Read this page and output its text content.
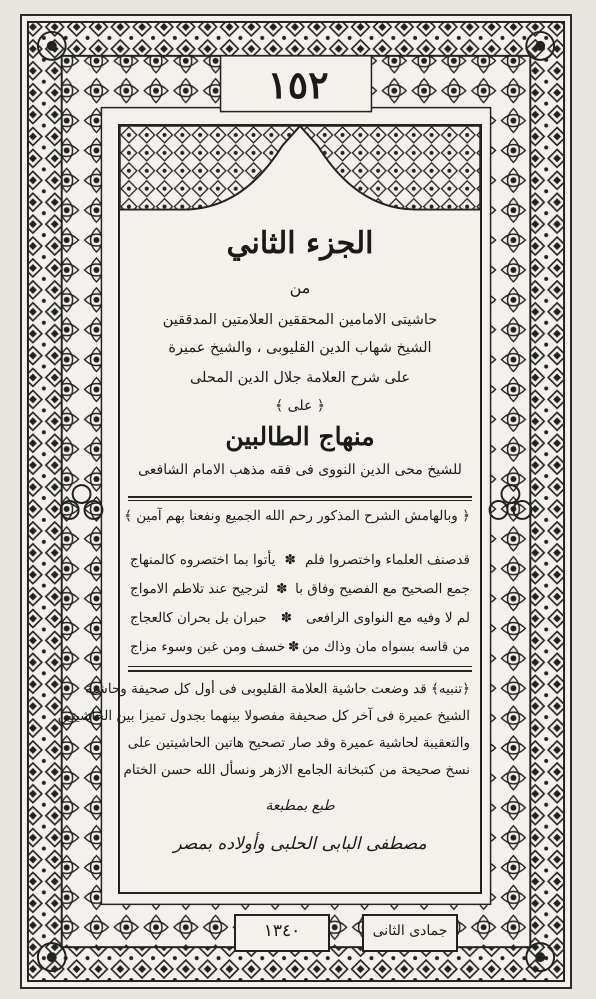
١٥٢
الجزء الثاني
من
حاشيتى الامامين المحققين العلامتين المدققين
الشيخ شهاب الدين القليوبى ، والشيخ عميرة
على شرح العلامة جلال الدين المحلى
﴿ على ﴾
منهاج الطالبين
للشيخ محى الدين النووى فى فقه مذهب الامام الشافعى
﴿ وبالهامش الشرح المذكور رحم الله الجميع ونفعنا بهم آمين ﴾
قدصنف العلماء واختصروا فلم
✽
يأتوا بما اختصروه كالمنهاج
جمع الصحيح مع الفصيح وفاق با
✽
لترجيح عند تلاطم الامواج
لم لا وفيه مع النواوى الرافعى
✽
حبران بل بحران كالعجاج
من قاسه بسواه مان وذاك من
✽
خسف ومن غبن وسوء مزاج
﴿تنبيه﴾ قد وضعت حاشية العلامة القليوبى فى أول كل صحيفة وحاشية
الشيخ عميرة فى آخر كل صحيفة مفصولا بينهما بجدول تميزا بين الحاشيتين
والتعقيبة لحاشية عميرة وقد صار تصحيح هاتين الحاشيتين على
نسخ صحيحة من كتبخانة الجامع الازهر ونسأل الله حسن الختام
طبع بمطبعة
مصطفى البابى الحلبى وأولاده بمصر
١٣٤٠	جمادى الثانى
